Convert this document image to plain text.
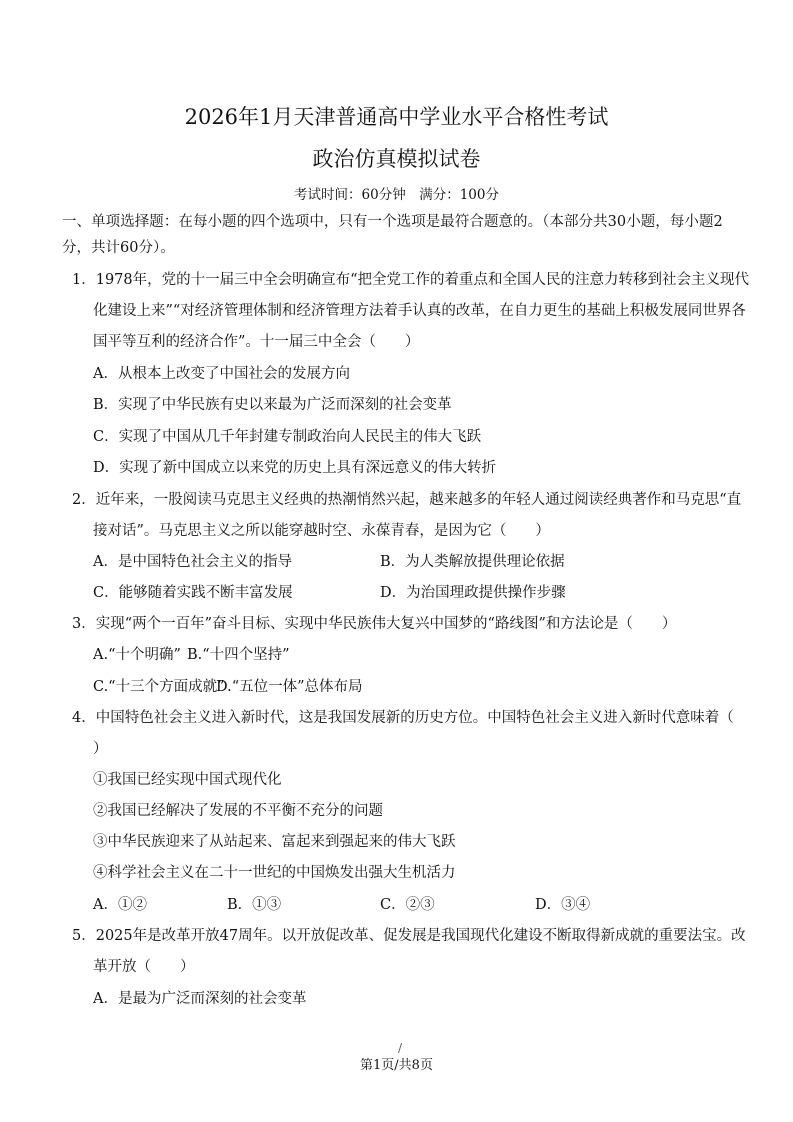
2026年1月天津普通高中学业水平合格性考试
政治仿真模拟试卷
考试时间：60分钟　满分：100分
一、单项选择题：在每小题的四个选项中，只有一个选项是最符合题意的。（本部分共30小题，每小题2
分，共计60分）。
1．1978年，党的十一届三中全会明确宣布“把全党工作的着重点和全国人民的注意力转移到社会主义现代
化建设上来”“对经济管理体制和经济管理方法着手认真的改革，在自力更生的基础上积极发展同世界各
国平等互利的经济合作”。十一届三中全会（　　）
A．从根本上改变了中国社会的发展方向
B．实现了中华民族有史以来最为广泛而深刻的社会变革
C．实现了中国从几千年封建专制政治向人民民主的伟大飞跃
D．实现了新中国成立以来党的历史上具有深远意义的伟大转折
2．近年来，一股阅读马克思主义经典的热潮悄然兴起，越来越多的年轻人通过阅读经典著作和马克思“直
接对话”。马克思主义之所以能穿越时空、永葆青春，是因为它（　　）
A．是中国特色社会主义的指导	B．为人类解放提供理论依据
C．能够随着实践不断丰富发展	D．为治国理政提供操作步骤
3．实现“两个一百年”奋斗目标、实现中华民族伟大复兴中国梦的“路线图”和方法论是（　　）
A.“十个明确” B.“十四个坚持”
C.“十三个方面成就”
D.“五位一体”总体布局
4．中国特色社会主义进入新时代，这是我国发展新的历史方位。中国特色社会主义进入新时代意味着（
）
①我国已经实现中国式现代化
②我国已经解决了发展的不平衡不充分的问题
③中华民族迎来了从站起来、富起来到强起来的伟大飞跃
④科学社会主义在二十一世纪的中国焕发出强大生机活力
A．①②	B．①③	C．②③	D．③④
5．2025年是改革开放47周年。以开放促改革、促发展是我国现代化建设不断取得新成就的重要法宝。改
革开放（　　）
A．是最为广泛而深刻的社会变革
/
第1页/共8页
